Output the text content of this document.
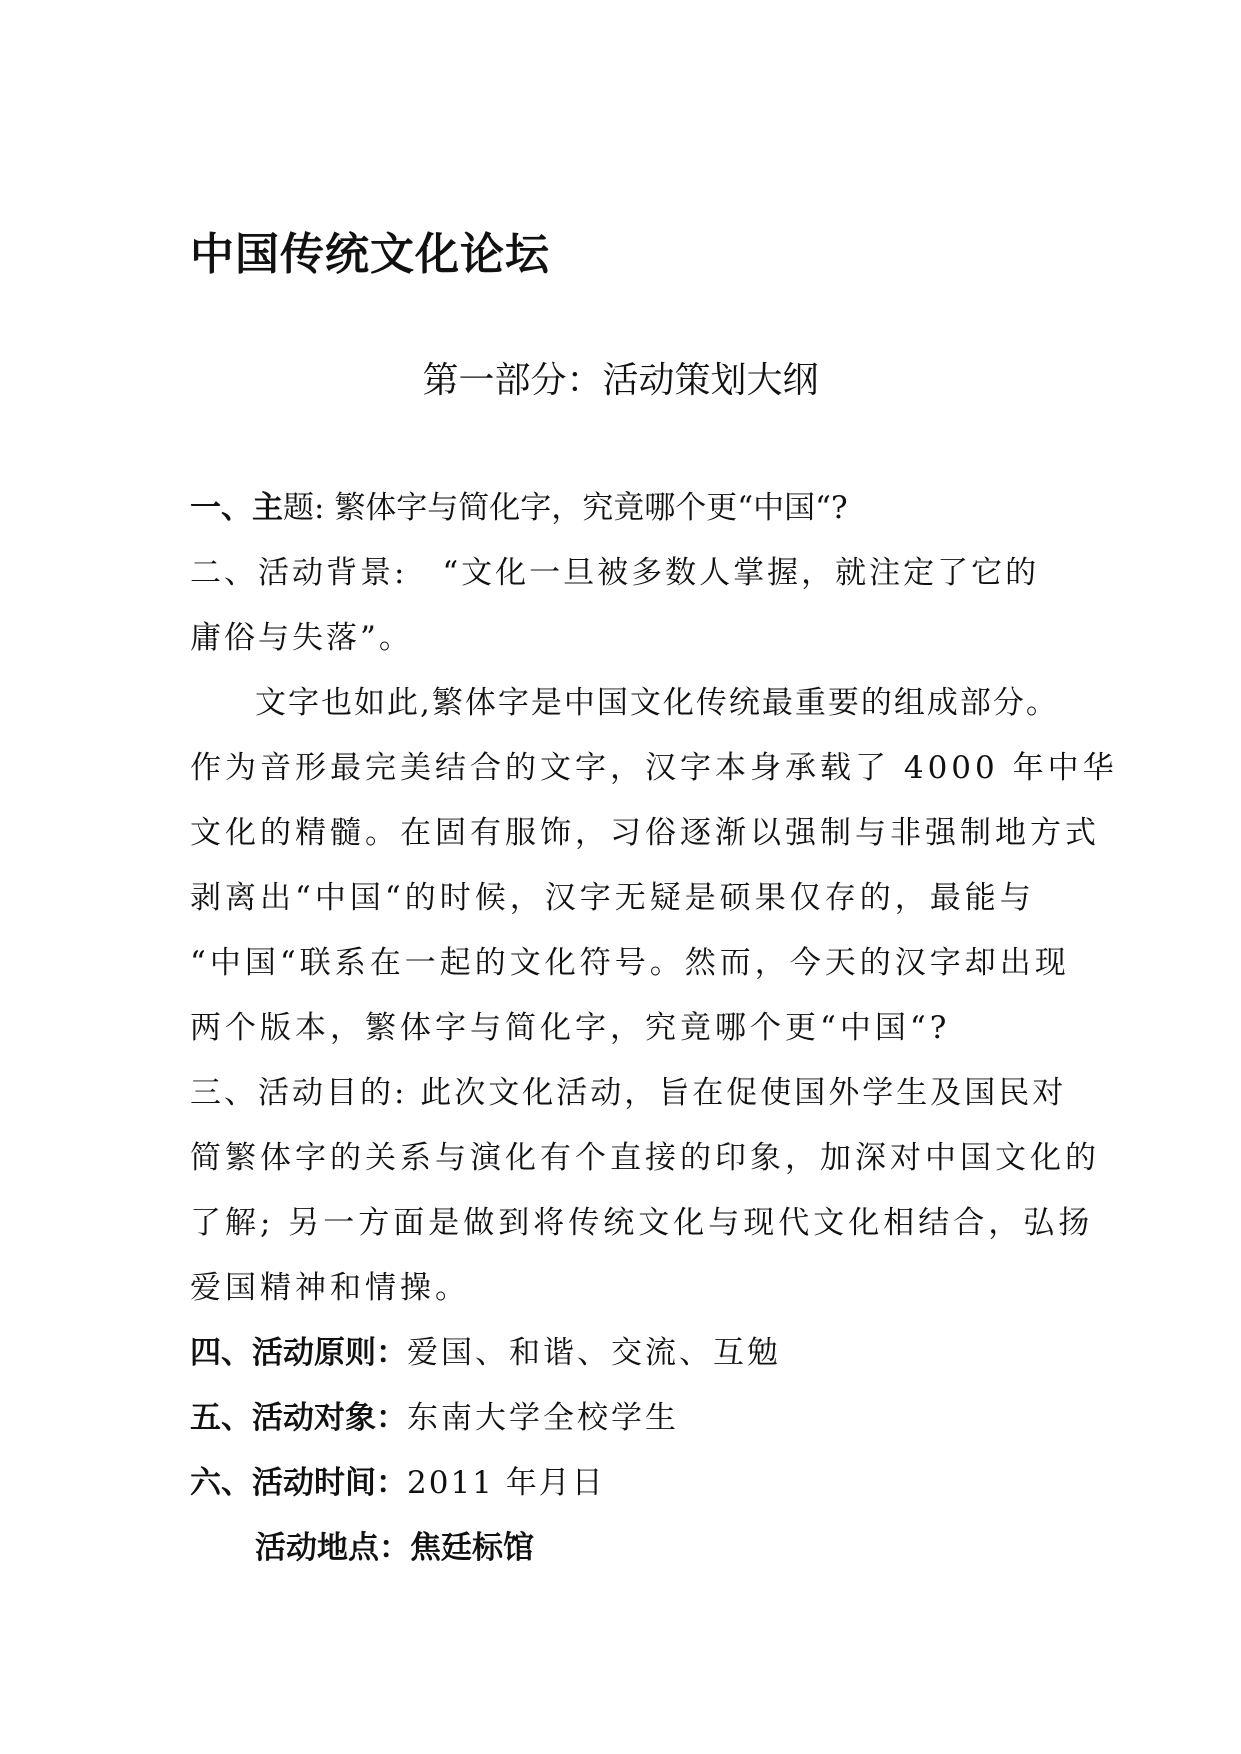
中国传统文化论坛
第一部分：活动策划大纲
一、主题: 繁体字与简化字，究竟哪个更“中国“?
二、活动背景: “文化一旦被多数人掌握，就注定了它的
庸俗与失落”。
文字也如此,繁体字是中国文化传统最重要的组成部分。
作为音形最完美结合的文字，汉字本身承载了 4000 年中华
文化的精髓。在固有服饰，习俗逐渐以强制与非强制地方式
剥离出“中国“的时候，汉字无疑是硕果仅存的，最能与
“中国“联系在一起的文化符号。然而，今天的汉字却出现
两个版本，繁体字与简化字，究竟哪个更“中国“?
三、活动目的: 此次文化活动，旨在促使国外学生及国民对
简繁体字的关系与演化有个直接的印象，加深对中国文化的
了解; 另一方面是做到将传统文化与现代文化相结合，弘扬
爱国精神和情操。
四、活动原则：爱国、和谐、交流、互勉
五、活动对象：东南大学全校学生
六、活动时间：2011 年月日
活动地点：焦廷标馆
